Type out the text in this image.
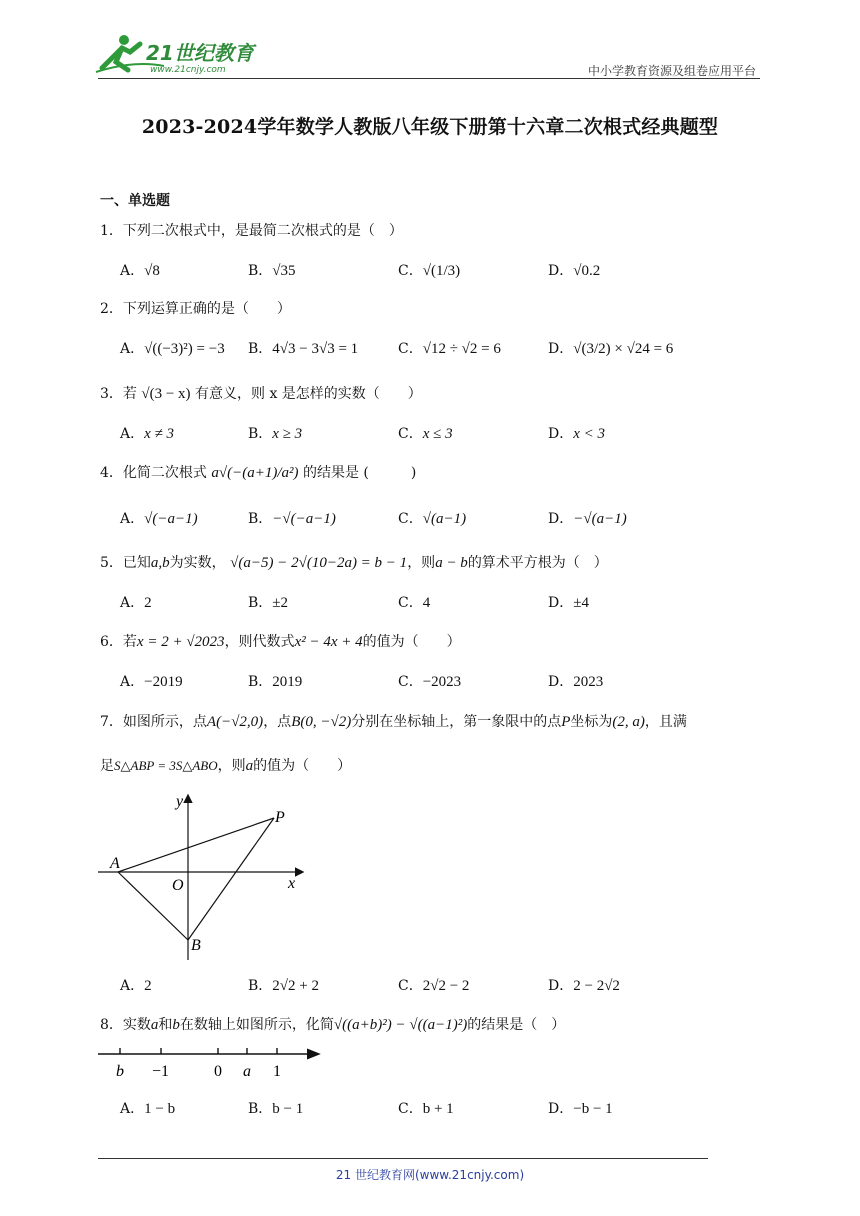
21世纪教育
www.21cnjy.com	中小学教育资源及组卷应用平台
2023-2024学年数学人教版八年级下册第十六章二次根式经典题型
一、单选题
1．下列二次根式中，是最简二次根式的是（　）
A．√8	B．√35	C．√(1/3)	D．√0.2
2．下列运算正确的是（　　）
A．√((−3)²) = −3 B．4√3 − 3√3 = 1	C．√12 ÷ √2 = 6	D．√(3/2) × √24 = 6
3．若 √(3 − x) 有意义，则 x 是怎样的实数（　　）
A．x ≠ 3	B．x ≥ 3	C．x ≤ 3	D．x < 3
4．化简二次根式 a√(−(a+1)/a²) 的结果是 (　　　)
A．√(−a−1)	B．−√(−a−1)	C．√(a−1)	D．−√(a−1)
5．已知a,b为实数， √(a−5) − 2√(10−2a) = b − 1，则a − b的算术平方根为（　）
A．2	B．±2	C．4	D．±4
6．若x = 2 + √2023，则代数式x² − 4x + 4的值为（　　）
A．−2019	B．2019	C．−2023	D．2023
7．如图所示，点A(−√2,0)，点B(0, −√2)分别在坐标轴上，第一象限中的点P坐标为(2, a)，且满
足S△ABP = 3S△ABO，则a的值为（　　）
y
x
O
A
B
P
A．2	B．2√2 + 2	C．2√2 − 2	D．2 − 2√2
8．实数a和b在数轴上如图所示，化简√((a+b)²) − √((a−1)²)的结果是（　）
b −1	0 a 1
A．1 − b	B．b − 1	C．b + 1	D．−b − 1
21 世纪教育网(www.21cnjy.com)
